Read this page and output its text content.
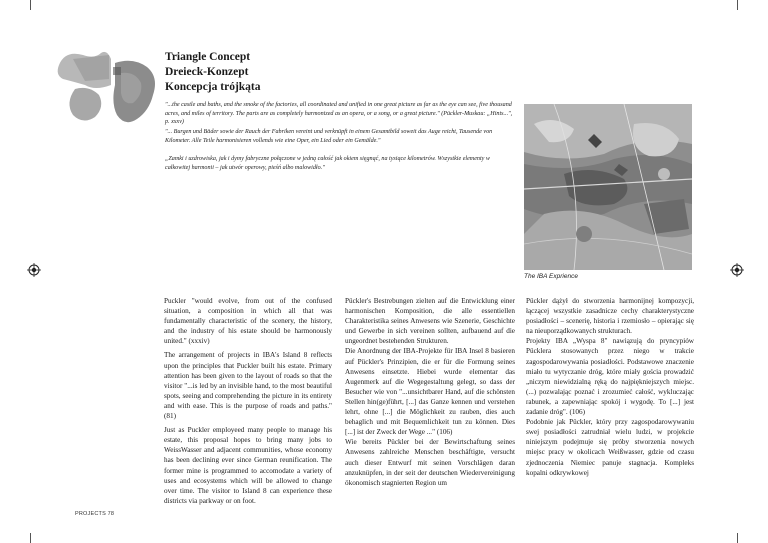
Triangle Concept
Dreieck-Konzept
Koncepcja trójkąta

"...the castle and baths, and the smoke of the factories, all coordinated and unified in one great picture as far as the eye can see, five thousand acres, and miles of territory. The parts are as completely harmonized as an opera, or a song, or a great picture." (Pückler-Muskau: „Hints...", p. xxxv)

"... Burgen und Bäder sowie der Rauch der Fabriken vereint und verknüpft in einem Gesamtbild soweit das Auge reicht, Tausende von Kilometer. Alle Teile harmonisieren vollends wie eine Oper, ein Lied oder ein Gemälde."

„Zamki i uzdrowiska, jak i dymy fabryczne połączone w jedną całość jak okiem sięgnąć, na tysiące kilometrów. Wszystkie elementy w całkowitej harmonii – jak utwór operowy, pieśń albo malowidło."

The IBA Exprience

Puckler "would evolve, from out of the confused situation, a composition in which all that was fundamentally characteristic of the scenery, the history, and the industry of his estate should be harmonously united." (xxxiv)

The arrangement of projects in IBA's Island 8 reflects upon the principles that Puckler built his estate. Primary attention has been given to the layout of roads so that the visitor "...is led by an invisible hand, to the most beautiful spots, seeing and comprehending the picture in its entirety and with ease. This is the purpose of roads and paths." (81)

Just as Puckler employeed many people to manage his estate, this proposal hopes to bring many jobs to WeissWasser and adjacent communities, whose economy has been declining ever since German reunification. The former mine is programmed to accomodate a variety of uses and ecosystems which will be allowed to change over time. The visitor to Island 8 can experience these districts via parkway or on foot.

Pückler's Bestrebungen zielten auf die Entwicklung einer harmonischen Komposition, die alle essentiellen Charakteristika seines Anwesens wie Szenerie, Geschichte und Gewerbe in sich vereinen sollten, aufbauend auf die ungeordnet bestehenden Strukturen.

Die Anordnung der IBA-Projekte für IBA Insel 8 basieren auf Pückler's Prinzipien, die er für die Formung seines Anwesens einsetzte. Hiebei wurde elementar das Augenmerk auf die Wegegestaltung gelegt, so dass der Besucher wie von "...unsichtbarer Hand, auf die schönsten Stellen hin(ge)führt, [...] das Ganze kennen und verstehen lehrt, ohne [...] die Möglichkeit zu rauben, dies auch behaglich und mit Bequemlichkeit tun zu können. Dies [...] ist der Zweck der Wege ..." (106)

Wie bereits Pückler bei der Bewirtschaftung seines Anwesens zahlreiche Menschen beschäftigte, versucht auch dieser Entwurf mit seinen Vorschlägen daran anzuknüpfen, in der seit der deutschen Wiedervereinigung ökonomisch stagnierten Region um

Pückler dążył do stworzenia harmonijnej kompozycji, łączącej wszystkie zasadnicze cechy charakterystyczne posiadłości – scenerię, historia i rzemiosło – opierając się na nieuporządkowanych strukturach.

Projekty IBA „Wyspa 8" nawiązują do pryncypiów Pücklera stosowanych przez niego w trakcie zagospodarowywania posiadłości. Podstawowe znaczenie miało tu wytyczanie dróg, które miały gościa prowadzić „niczym niewidzialną ręką do najpiękniejszych miejsc. (...) pozwalając poznać i zrozumieć całość, wykluczając rabunek, a zapewniając spokój i wygodę. To [...] jest zadanie dróg". (106)

Podobnie jak Pückler, który przy zagospodarowywaniu swej posiadłości zatrudniał wielu ludzi, w projekcie niniejszym podejmuje się próby stworzenia nowych miejsc pracy w okolicach Weißwasser, gdzie od czasu zjednoczenia Niemiec panuje stagnacja. Kompleks kopalni odkrywkowej

PROJECTS 78
